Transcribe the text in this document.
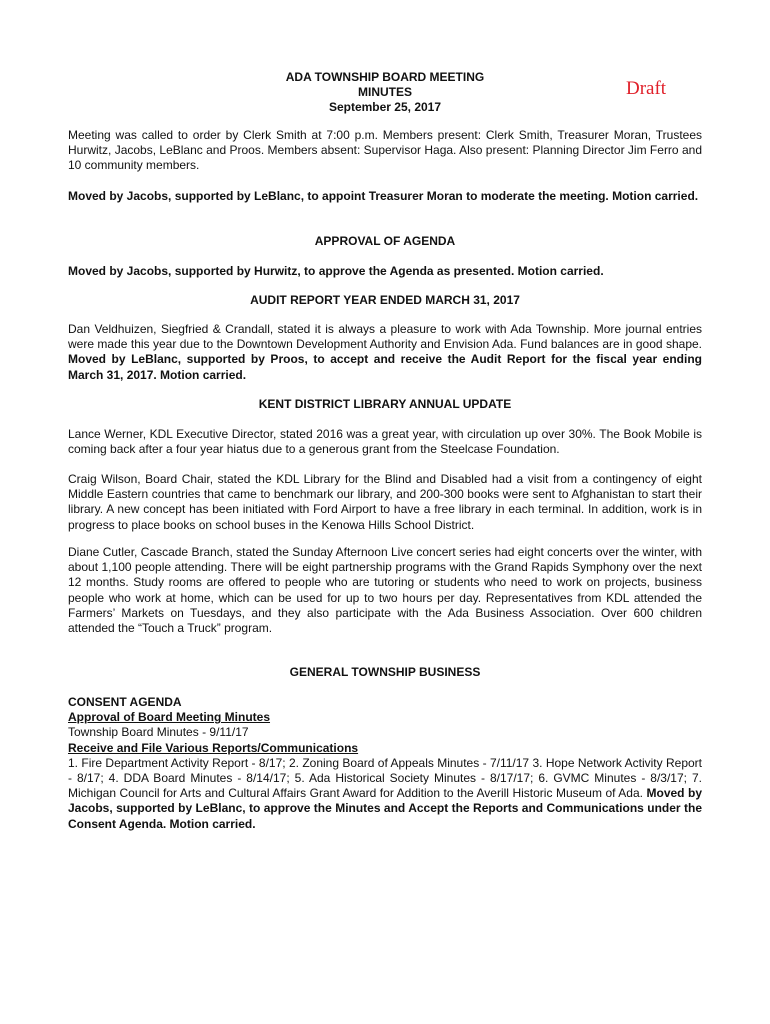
ADA TOWNSHIP BOARD MEETING
MINUTES
September 25, 2017
Draft

Meeting was called to order by Clerk Smith at 7:00 p.m. Members present: Clerk Smith, Treasurer Moran, Trustees Hurwitz, Jacobs, LeBlanc and Proos. Members absent: Supervisor Haga. Also present: Planning Director Jim Ferro and 10 community members.

Moved by Jacobs, supported by LeBlanc, to appoint Treasurer Moran to moderate the meeting. Motion carried.

APPROVAL OF AGENDA

Moved by Jacobs, supported by Hurwitz, to approve the Agenda as presented. Motion carried.

AUDIT REPORT YEAR ENDED MARCH 31, 2017

Dan Veldhuizen, Siegfried & Crandall, stated it is always a pleasure to work with Ada Township. More journal entries were made this year due to the Downtown Development Authority and Envision Ada. Fund balances are in good shape. Moved by LeBlanc, supported by Proos, to accept and receive the Audit Report for the fiscal year ending March 31, 2017. Motion carried.

KENT DISTRICT LIBRARY ANNUAL UPDATE

Lance Werner, KDL Executive Director, stated 2016 was a great year, with circulation up over 30%. The Book Mobile is coming back after a four year hiatus due to a generous grant from the Steelcase Foundation.

Craig Wilson, Board Chair, stated the KDL Library for the Blind and Disabled had a visit from a contingency of eight Middle Eastern countries that came to benchmark our library, and 200-300 books were sent to Afghanistan to start their library. A new concept has been initiated with Ford Airport to have a free library in each terminal. In addition, work is in progress to place books on school buses in the Kenowa Hills School District.

Diane Cutler, Cascade Branch, stated the Sunday Afternoon Live concert series had eight concerts over the winter, with about 1,100 people attending. There will be eight partnership programs with the Grand Rapids Symphony over the next 12 months. Study rooms are offered to people who are tutoring or students who need to work on projects, business people who work at home, which can be used for up to two hours per day. Representatives from KDL attended the Farmers’ Markets on Tuesdays, and they also participate with the Ada Business Association. Over 600 children attended the “Touch a Truck” program.

GENERAL TOWNSHIP BUSINESS
CONSENT AGENDA
Approval of Board Meeting Minutes
Township Board Minutes - 9/11/17
Receive and File Various Reports/Communications

1. Fire Department Activity Report - 8/17; 2. Zoning Board of Appeals Minutes - 7/11/17 3. Hope Network Activity Report - 8/17; 4. DDA Board Minutes - 8/14/17; 5. Ada Historical Society Minutes - 8/17/17; 6. GVMC Minutes - 8/3/17; 7. Michigan Council for Arts and Cultural Affairs Grant Award for Addition to the Averill Historic Museum of Ada. Moved by Jacobs, supported by LeBlanc, to approve the Minutes and Accept the Reports and Communications under the Consent Agenda. Motion carried.
